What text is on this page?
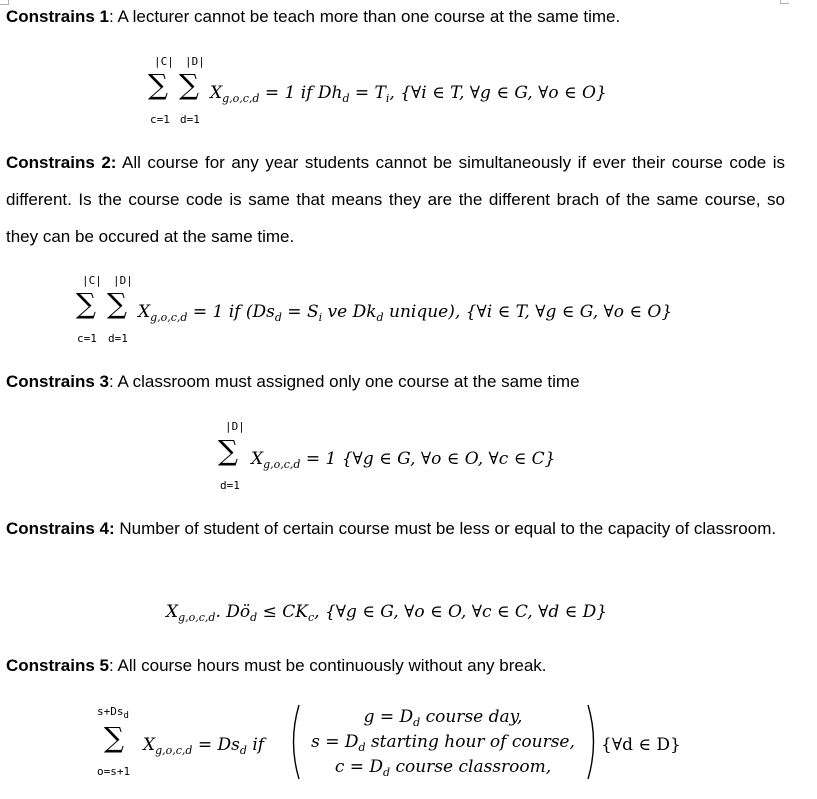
Constrains 1: A lecturer cannot be teach more than one course at the same time.

|C| |D|
∑ ∑
c=1 d=1
$X_{g,o,c,d} = 1$ if $Dh_d = T_i$, {∀i ∈ T, ∀g ∈ G, ∀o ∈ O}

Constrains 2: All course for any year students cannot be simultaneously if ever their course code is different. Is the course code is same that means they are the different brach of the same course, so they can be occured at the same time.

|C| |D|
∑ ∑
c=1 d=1
$X_{g,o,c,d} = 1$ if ($Ds_d = S_i$ ve $Dk_d$ unique), {∀i ∈ T, ∀g ∈ G, ∀o ∈ O}

Constrains 3: A classroom must assigned only one course at the same time

|D|
∑
d=1
$X_{g,o,c,d} = 1$ {∀g ∈ G, ∀o ∈ O, ∀c ∈ C}

Constrains 4: Number of student of certain course must be less or equal to the capacity of classroom.

$X_{g,o,c,d}$. $Dö_d \le CK_c$, {∀g ∈ G, ∀o ∈ O, ∀c ∈ C, ∀d ∈ D}

Constrains 5: All course hours must be continuously without any break.

$s+Ds_d$
∑
o=s+1
$X_{g,o,c,d} = Ds_d$ if
$g = D_d$ course day,
$s = D_d$ starting hour of course,
$c = D_d$ course classroom,
{∀d ∈ D}
